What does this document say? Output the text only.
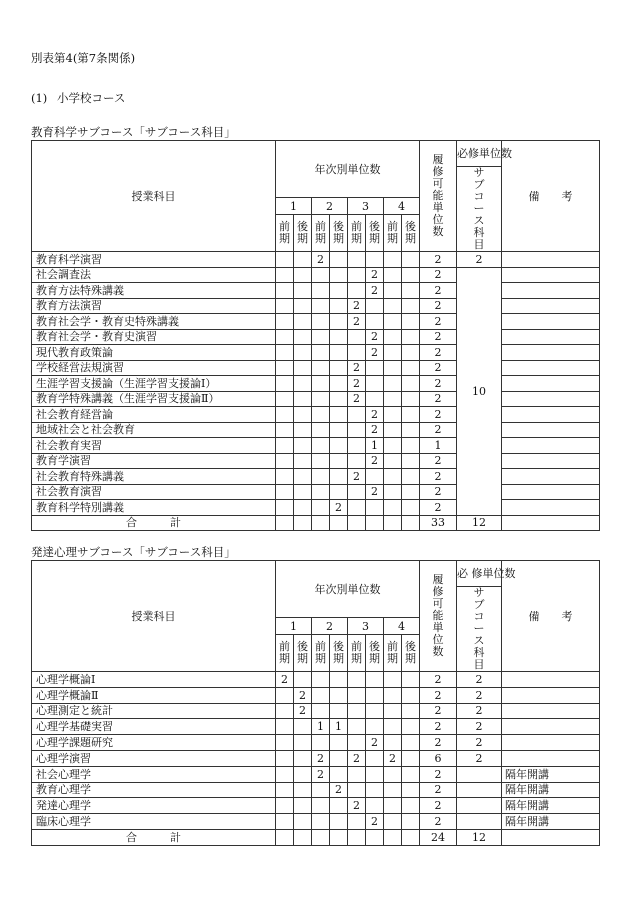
別表第4(第7条関係)
(1) 小学校コース
教育科学サブコース「サブコース科目」
授業科目	年次別単位数								履修可能単位数	必修単位数	備　　考

										サブコース科目	

	1		2		3		4				

	前期	後期	前期	後期	前期	後期	前期	後期			

教育科学演習			2						2	2	
社会調査法						2			2	10	
教育方法特殊講義						2			2		
教育方法演習					2				2		
教育社会学・教育史特殊講義					2				2		
教育社会学・教育史演習						2			2		
現代教育政策論						2			2		
学校経営法規演習					2				2		
生涯学習支援論（生涯学習支援論Ⅰ）					2				2		
教育学特殊講義（生涯学習支援論Ⅱ）					2				2		
社会教育経営論						2			2		
地域社会と社会教育						2			2		
社会教育実習						1			1		
教育学演習						2			2		
社会教育特殊講義					2				2		
社会教育演習						2			2		
教育科学特別講義				2					2		
合　　　計									33	12	
発達心理サブコース「サブコース科目」
授業科目	年次別単位数								履修可能単位数	必 修単位数	備　　考

										サブコース科目	

	1		2		3		4				

	前期	後期	前期	後期	前期	後期	前期	後期			

心理学概論Ⅰ	2								2	2	
心理学概論Ⅱ		2							2	2	
心理測定と統計		2							2	2	
心理学基礎実習			1	1					2	2	
心理学課題研究						2			2	2	
心理学演習			2		2		2		6	2	
社会心理学			2						2		隔年開講
教育心理学				2					2		隔年開講
発達心理学					2				2		隔年開講
臨床心理学						2			2		隔年開講
合　　　計									24	12	
